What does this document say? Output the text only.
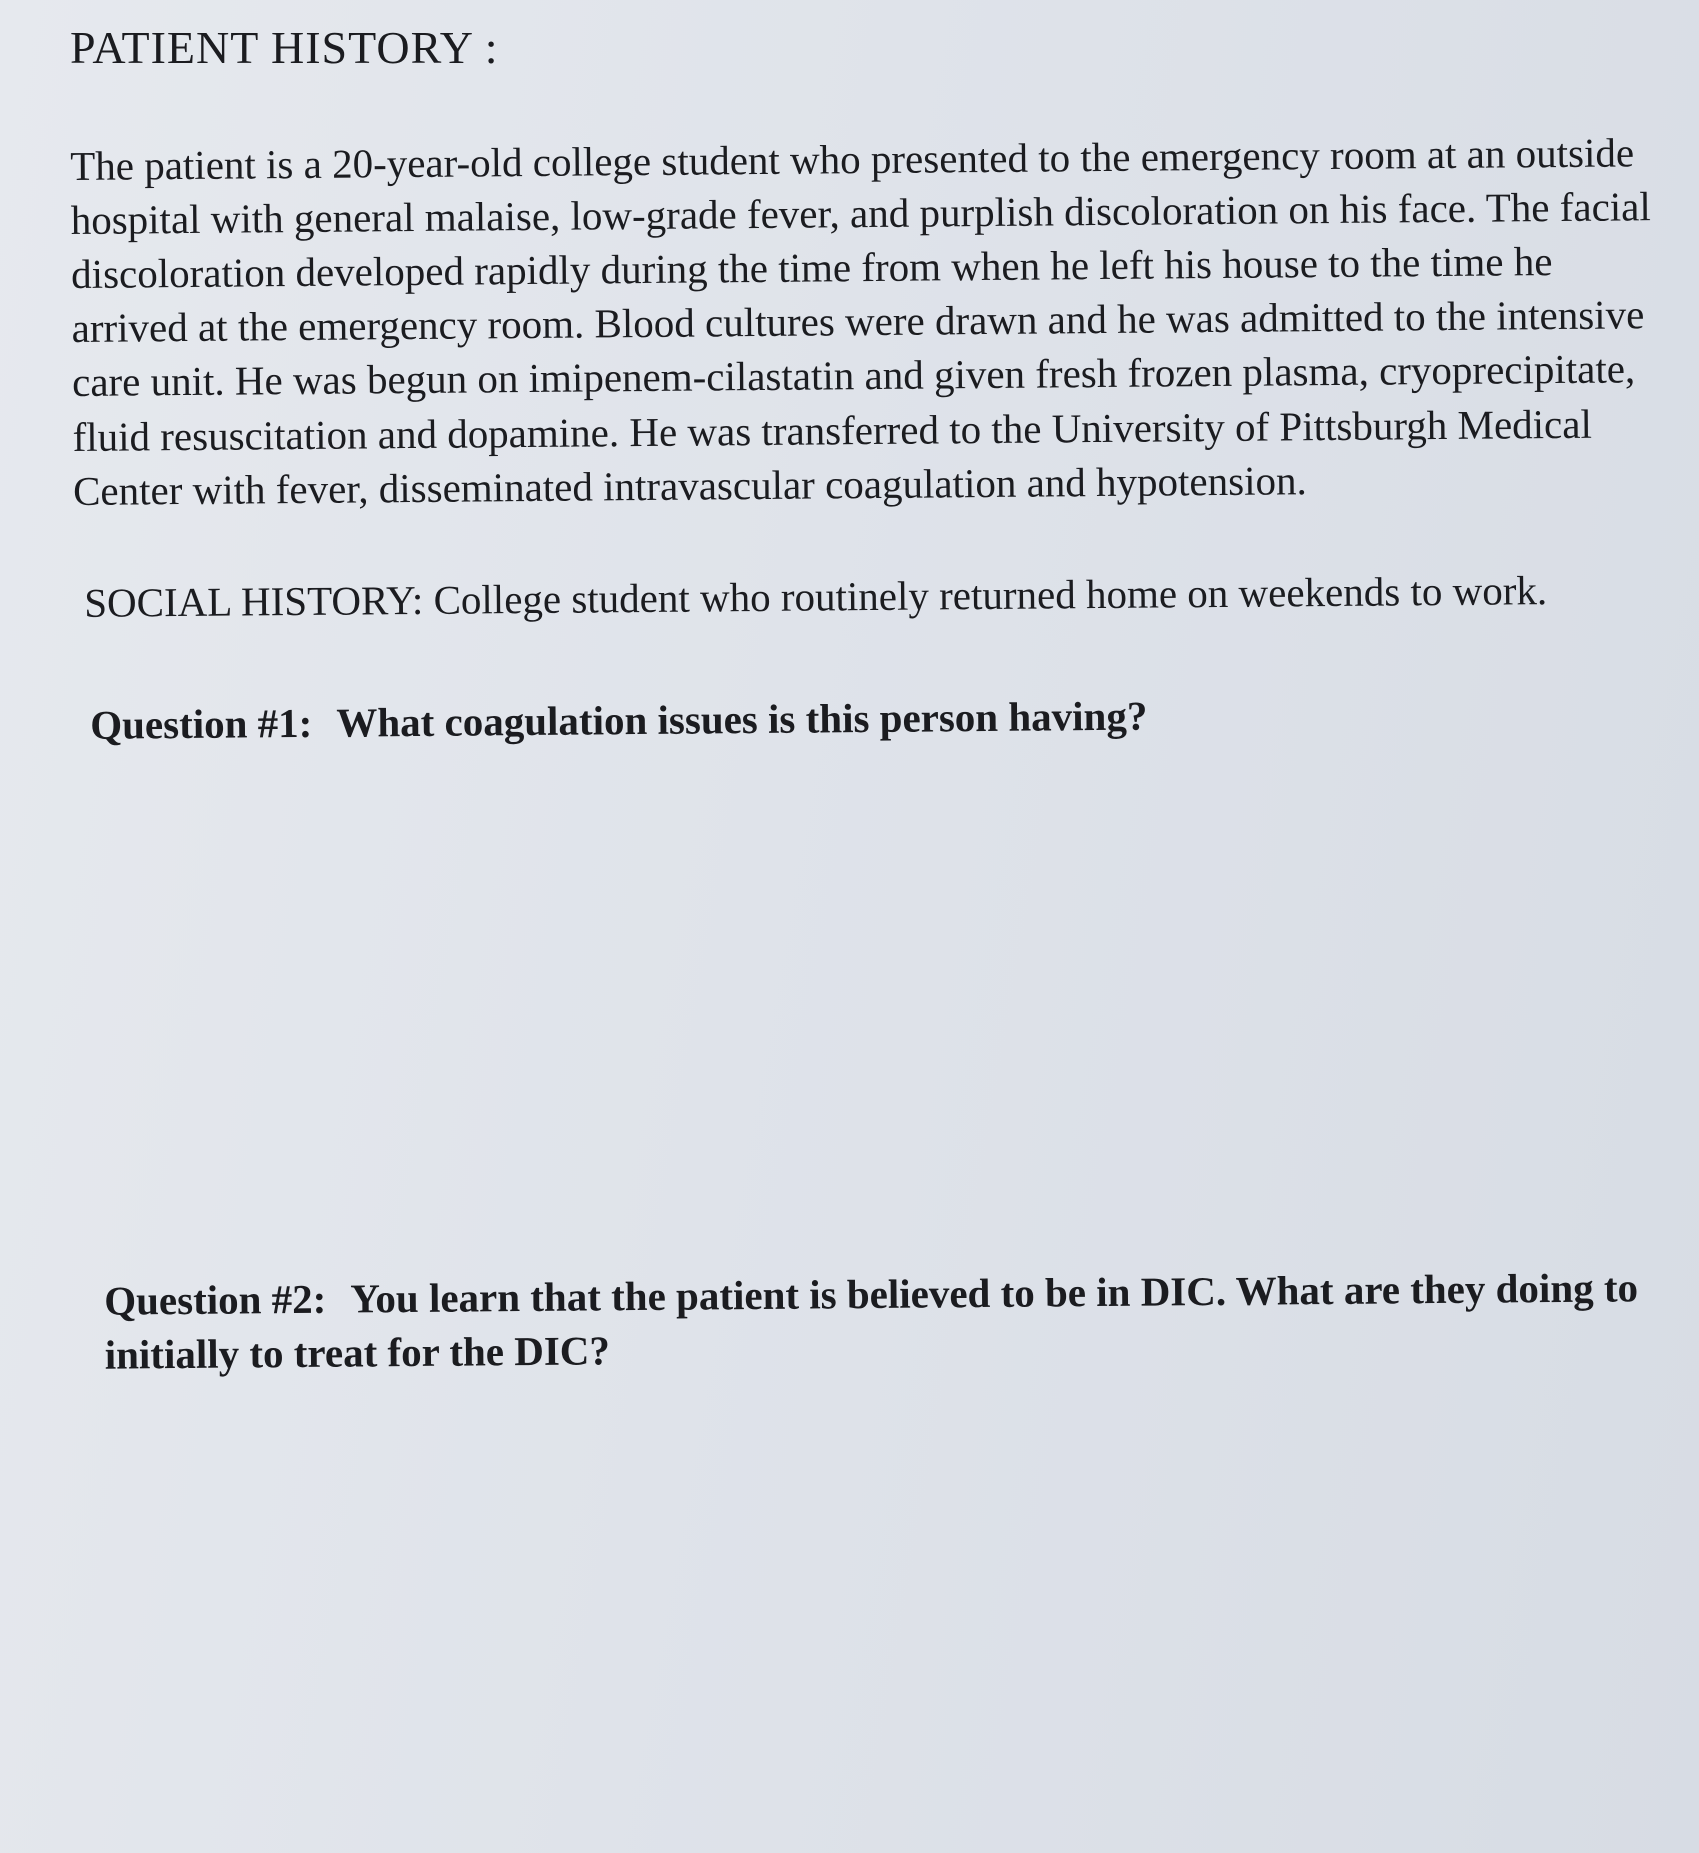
PATIENT HISTORY :

The patient is a 20-year-old college student who presented to the emergency room at an outside hospital with general malaise, low-grade fever, and purplish discoloration on his face. The facial discoloration developed rapidly during the time from when he left his house to the time he arrived at the emergency room. Blood cultures were drawn and he was admitted to the intensive care unit. He was begun on imipenem-cilastatin and given fresh frozen plasma, cryoprecipitate, fluid resuscitation and dopamine. He was transferred to the University of Pittsburgh Medical Center with fever, disseminated intravascular coagulation and hypotension.

SOCIAL HISTORY: College student who routinely returned home on weekends to work.

Question #1: What coagulation issues is this person having?

Question #2: You learn that the patient is believed to be in DIC. What are they doing to initially to treat for the DIC?
